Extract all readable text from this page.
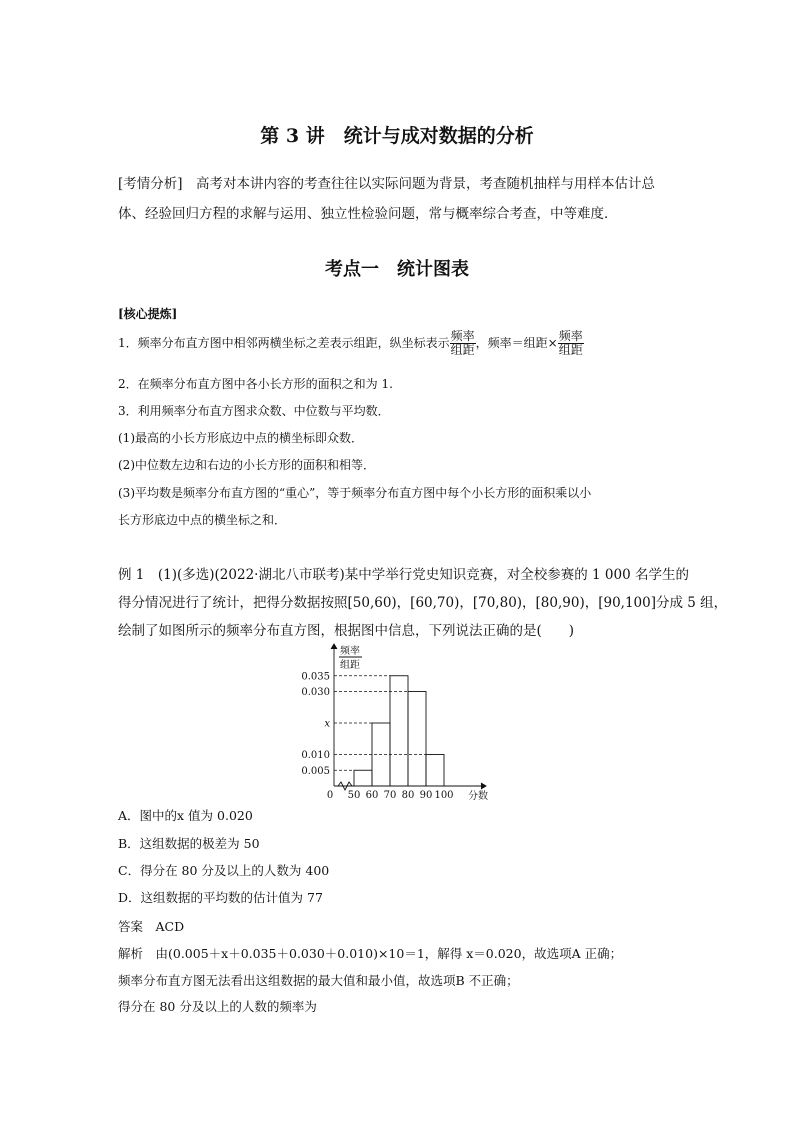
第 3 讲　统计与成对数据的分析
[考情分析]　高考对本讲内容的考查往往以实际问题为背景，考查随机抽样与用样本估计总
体、经验回归方程的求解与运用、独立性检验问题，常与概率综合考查，中等难度．
考点一　统计图表
[核心提炼]
1．频率分布直方图中相邻两横坐标之差表示组距，纵坐标表示 $\frac{\text{频率}}{\text{组距}}$ ，频率＝组距× $\frac{\text{频率}}{\text{组距}}$
2．在频率分布直方图中各小长方形的面积之和为 1.
3．利用频率分布直方图求众数、中位数与平均数．
(1)最高的小长方形底边中点的横坐标即众数．
(2)中位数左边和右边的小长方形的面积和相等．
(3)平均数是频率分布直方图的“重心”，等于频率分布直方图中每个小长方形的面积乘以小
长方形底边中点的横坐标之和．
例 1　(1)(多选)(2022·湖北八市联考)某中学举行党史知识竞赛，对全校参赛的 1 000 名学生的
得分情况进行了统计，把得分数据按照[50,60)，[60,70)，[70,80)，[80,90)，[90,100]分成 5 组，
绘制了如图所示的频率分布直方图，根据图中信息，下列说法正确的是(　　)
频率
组距
0	分数
0.005
0.010
x
0.030
0.035
50 60 70 80 90 100
A．图中的x 值为 0.020
B．这组数据的极差为 50
C．得分在 80 分及以上的人数为 400
D．这组数据的平均数的估计值为 77
答案　ACD
解析　由(0.005＋x＋0.035＋0.030＋0.010)×10＝1，解得 x＝0.020，故选项A 正确；
频率分布直方图无法看出这组数据的最大值和最小值，故选项B 不正确；
得分在 80 分及以上的人数的频率为
